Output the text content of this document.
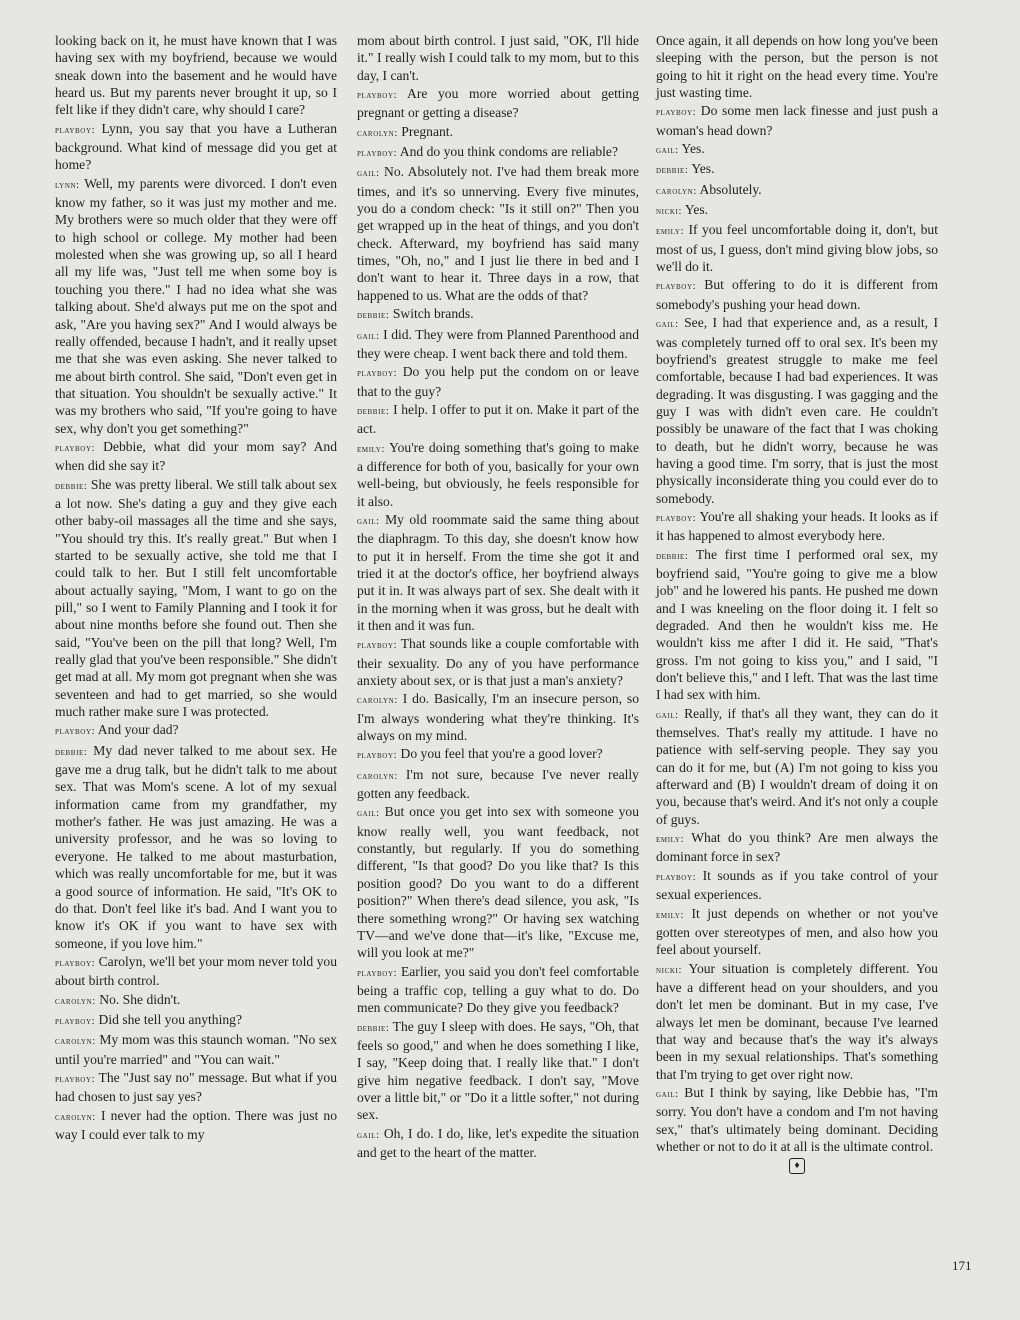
looking back on it, he must have known that I was having sex with my boyfriend, because we would sneak down into the basement and he would have heard us. But my parents never brought it up, so I felt like if they didn't care, why should I care?

playboy: Lynn, you say that you have a Lutheran background. What kind of message did you get at home?

lynn: Well, my parents were divorced. I don't even know my father, so it was just my mother and me. My brothers were so much older that they were off to high school or college. My mother had been molested when she was growing up, so all I heard all my life was, "Just tell me when some boy is touching you there." I had no idea what she was talking about. She'd always put me on the spot and ask, "Are you having sex?" And I would always be really offended, because I hadn't, and it really upset me that she was even asking. She never talked to me about birth control. She said, "Don't even get in that situation. You shouldn't be sexually active." It was my brothers who said, "If you're going to have sex, why don't you get something?"

playboy: Debbie, what did your mom say? And when did she say it?

debbie: She was pretty liberal. We still talk about sex a lot now. She's dating a guy and they give each other baby-oil massages all the time and she says, "You should try this. It's really great." But when I started to be sexually active, she told me that I could talk to her. But I still felt uncomfortable about actually saying, "Mom, I want to go on the pill," so I went to Family Planning and I took it for about nine months before she found out. Then she said, "You've been on the pill that long? Well, I'm really glad that you've been responsible." She didn't get mad at all. My mom got pregnant when she was seventeen and had to get married, so she would much rather make sure I was protected.

playboy: And your dad?

debbie: My dad never talked to me about sex. He gave me a drug talk, but he didn't talk to me about sex. That was Mom's scene. A lot of my sexual information came from my grandfather, my mother's father. He was just amazing. He was a university professor, and he was so loving to everyone. He talked to me about masturbation, which was really uncomfortable for me, but it was a good source of information. He said, "It's OK to do that. Don't feel like it's bad. And I want you to know it's OK if you want to have sex with someone, if you love him."

playboy: Carolyn, we'll bet your mom never told you about birth control.

carolyn: No. She didn't.

playboy: Did she tell you anything?

carolyn: My mom was this staunch woman. "No sex until you're married" and "You can wait."

playboy: The "Just say no" message. But what if you had chosen to just say yes?

carolyn: I never had the option. There was just no way I could ever talk to my

mom about birth control. I just said, "OK, I'll hide it." I really wish I could talk to my mom, but to this day, I can't.

playboy: Are you more worried about getting pregnant or getting a disease?

carolyn: Pregnant.

playboy: And do you think condoms are reliable?

gail: No. Absolutely not. I've had them break more times, and it's so unnerving. Every five minutes, you do a condom check: "Is it still on?" Then you get wrapped up in the heat of things, and you don't check. Afterward, my boyfriend has said many times, "Oh, no," and I just lie there in bed and I don't want to hear it. Three days in a row, that happened to us. What are the odds of that?

debbie: Switch brands.

gail: I did. They were from Planned Parenthood and they were cheap. I went back there and told them.

playboy: Do you help put the condom on or leave that to the guy?

debbie: I help. I offer to put it on. Make it part of the act.

emily: You're doing something that's going to make a difference for both of you, basically for your own well-being, but obviously, he feels responsible for it also.

gail: My old roommate said the same thing about the diaphragm. To this day, she doesn't know how to put it in herself. From the time she got it and tried it at the doctor's office, her boyfriend always put it in. It was always part of sex. She dealt with it in the morning when it was gross, but he dealt with it then and it was fun.

playboy: That sounds like a couple comfortable with their sexuality. Do any of you have performance anxiety about sex, or is that just a man's anxiety?

carolyn: I do. Basically, I'm an insecure person, so I'm always wondering what they're thinking. It's always on my mind.

playboy: Do you feel that you're a good lover?

carolyn: I'm not sure, because I've never really gotten any feedback.

gail: But once you get into sex with someone you know really well, you want feedback, not constantly, but regularly. If you do something different, "Is that good? Do you like that? Is this position good? Do you want to do a different position?" When there's dead silence, you ask, "Is there something wrong?" Or having sex watching TV—and we've done that—it's like, "Excuse me, will you look at me?"

playboy: Earlier, you said you don't feel comfortable being a traffic cop, telling a guy what to do. Do men communicate? Do they give you feedback?

debbie: The guy I sleep with does. He says, "Oh, that feels so good," and when he does something I like, I say, "Keep doing that. I really like that." I don't give him negative feedback. I don't say, "Move over a little bit," or "Do it a little softer," not during sex.

gail: Oh, I do. I do, like, let's expedite the situation and get to the heart of the matter.

Once again, it all depends on how long you've been sleeping with the person, but the person is not going to hit it right on the head every time. You're just wasting time.

playboy: Do some men lack finesse and just push a woman's head down?

gail: Yes.

debbie: Yes.

carolyn: Absolutely.

nicki: Yes.

emily: If you feel uncomfortable doing it, don't, but most of us, I guess, don't mind giving blow jobs, so we'll do it.

playboy: But offering to do it is different from somebody's pushing your head down.

gail: See, I had that experience and, as a result, I was completely turned off to oral sex. It's been my boyfriend's greatest struggle to make me feel comfortable, because I had bad experiences. It was degrading. It was disgusting. I was gagging and the guy I was with didn't even care. He couldn't possibly be unaware of the fact that I was choking to death, but he didn't worry, because he was having a good time. I'm sorry, that is just the most physically inconsiderate thing you could ever do to somebody.

playboy: You're all shaking your heads. It looks as if it has happened to almost everybody here.

debbie: The first time I performed oral sex, my boyfriend said, "You're going to give me a blow job" and he lowered his pants. He pushed me down and I was kneeling on the floor doing it. I felt so degraded. And then he wouldn't kiss me. He wouldn't kiss me after I did it. He said, "That's gross. I'm not going to kiss you," and I said, "I don't believe this," and I left. That was the last time I had sex with him.

gail: Really, if that's all they want, they can do it themselves. That's really my attitude. I have no patience with self-serving people. They say you can do it for me, but (A) I'm not going to kiss you afterward and (B) I wouldn't dream of doing it on you, because that's weird. And it's not only a couple of guys.

emily: What do you think? Are men always the dominant force in sex?

playboy: It sounds as if you take control of your sexual experiences.

emily: It just depends on whether or not you've gotten over stereotypes of men, and also how you feel about yourself.

nicki: Your situation is completely different. You have a different head on your shoulders, and you don't let men be dominant. But in my case, I've always let men be dominant, because I've learned that way and because that's the way it's always been in my sexual relationships. That's something that I'm trying to get over right now.

gail: But I think by saying, like Debbie has, "I'm sorry. You don't have a condom and I'm not having sex," that's ultimately being dominant. Deciding whether or not to do it at all is the ultimate control.

♦
171
